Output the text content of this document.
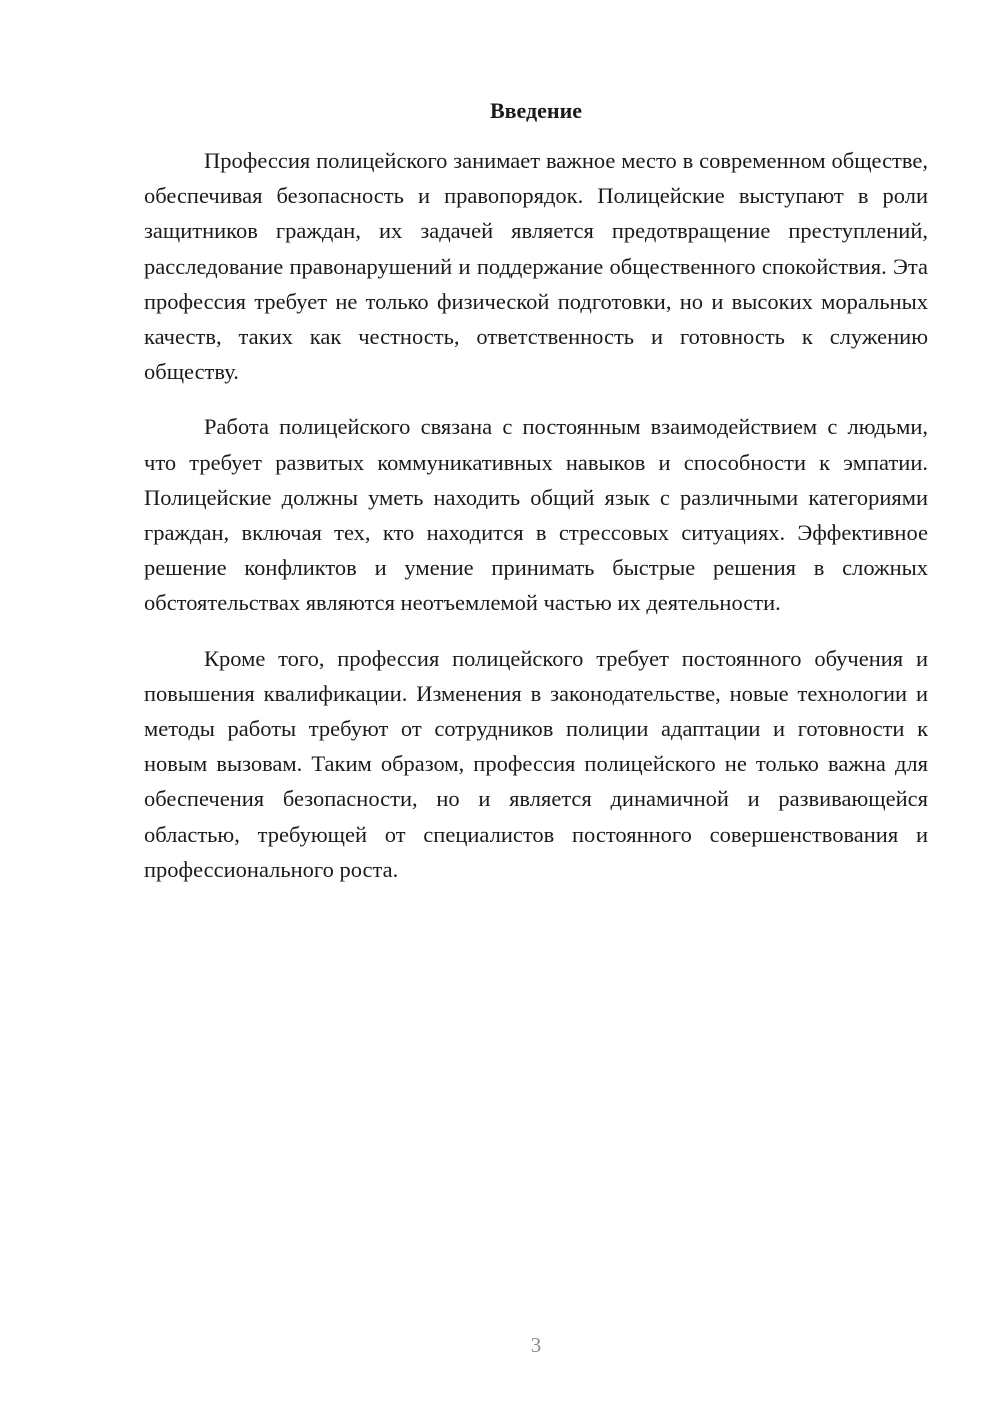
Введение

Профессия полицейского занимает важное место в современном обществе, обеспечивая безопасность и правопорядок. Полицейские выступают в роли защитников граждан, их задачей является предотвращение преступлений, расследование правонарушений и поддержание общественного спокойствия. Эта профессия требует не только физической подготовки, но и высоких моральных качеств, таких как честность, ответственность и готовность к служению обществу.

Работа полицейского связана с постоянным взаимодействием с людьми, что требует развитых коммуникативных навыков и способности к эмпатии. Полицейские должны уметь находить общий язык с различными категориями граждан, включая тех, кто находится в стрессовых ситуациях. Эффективное решение конфликтов и умение принимать быстрые решения в сложных обстоятельствах являются неотъемлемой частью их деятельности.

Кроме того, профессия полицейского требует постоянного обучения и повышения квалификации. Изменения в законодательстве, новые технологии и методы работы требуют от сотрудников полиции адаптации и готовности к новым вызовам. Таким образом, профессия полицейского не только важна для обеспечения безопасности, но и является динамичной и развивающейся областью, требующей от специалистов постоянного совершенствования и профессионального роста.

3
